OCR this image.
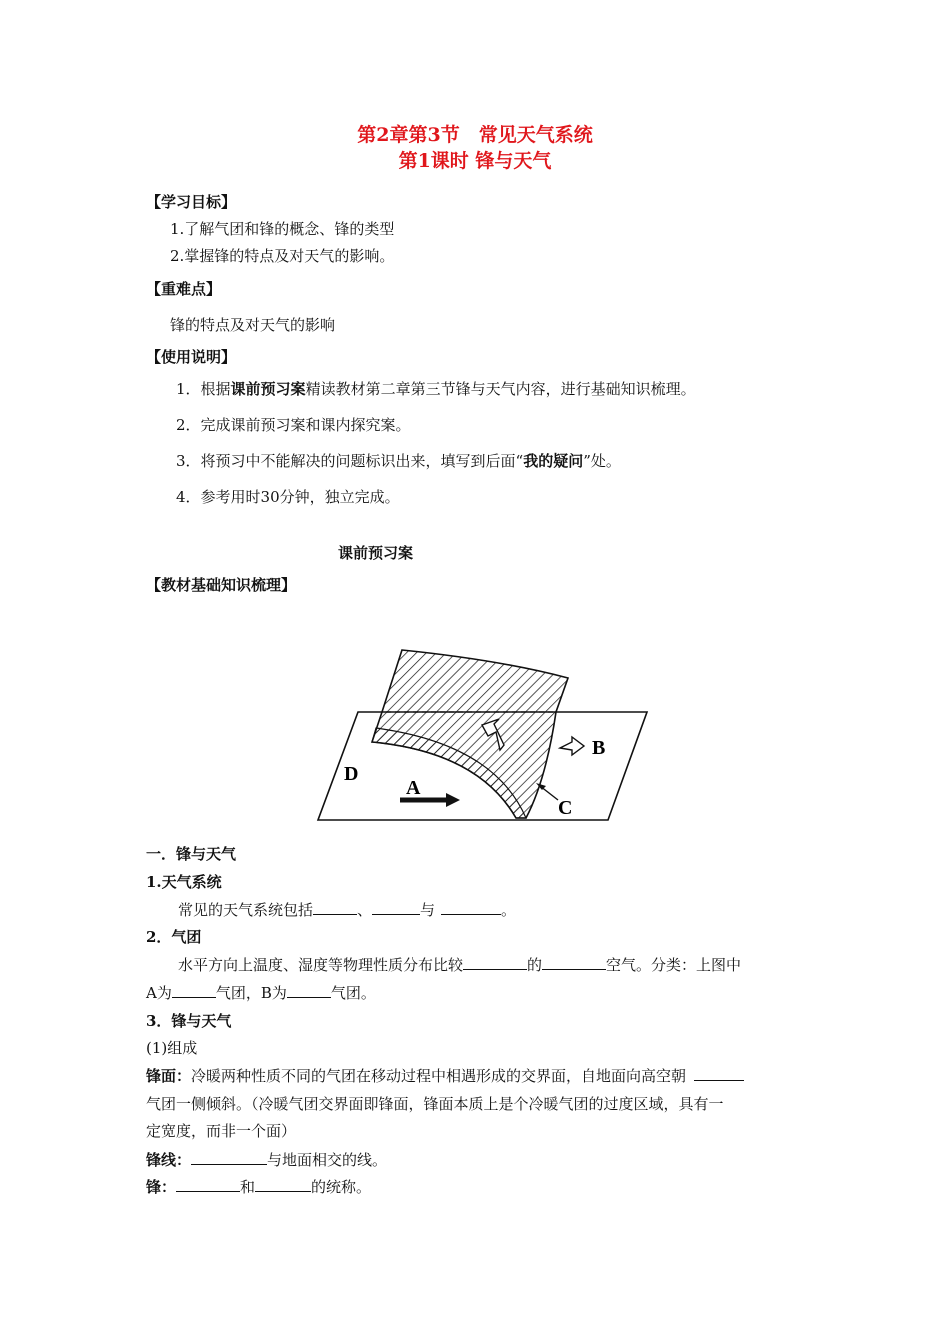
第2章第3节　常见天气系统
第1课时 锋与天气
【学习目标】
1.了解气团和锋的概念、锋的类型
2.掌握锋的特点及对天气的影响。
【重难点】
锋的特点及对天气的影响
【使用说明】
1．根据课前预习案精读教材第二章第三节锋与天气内容，进行基础知识梳理。
2．完成课前预习案和课内探究案。
3．将预习中不能解决的问题标识出来，填写到后面“我的疑问”处。
4．参考用时30分钟，独立完成。
课前预习案
【教材基础知识梳理】
A
B
C
D
一．锋与天气
1.天气系统
常见的天气系统包括	、	与	。
2．气团
水平方向上温度、湿度等物理性质分布比较	的	空气。分类：上图中
A为	气团，B为	气团。
3．锋与天气
(1)组成
锋面：冷暖两种性质不同的气团在移动过程中相遇形成的交界面，自地面向高空朝
气团一侧倾斜。（冷暖气团交界面即锋面，锋面本质上是个冷暖气团的过度区域，具有一
定宽度，而非一个面）
锋线：	与地面相交的线。
锋：	和	的统称。
